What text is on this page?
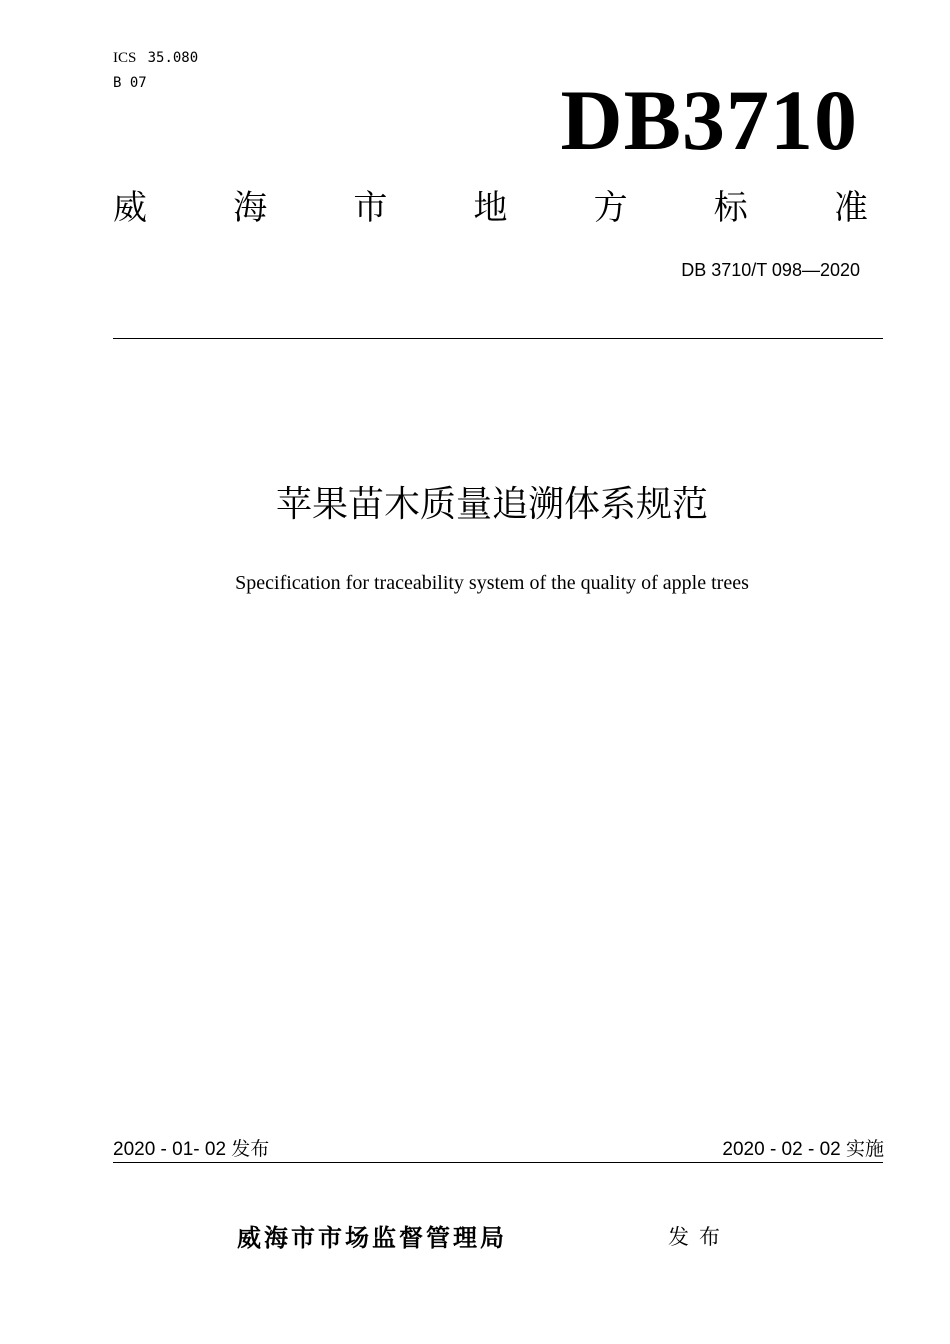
ICS 35.080
B 07	DB3710
威	海	市	地	方	标	准
DB 3710/T 098—2020
苹果苗木质量追溯体系规范
Specification for traceability system of the quality of apple trees
2020 - 01- 02 发布	2020 - 02 - 02 实施
威海市市场监督管理局	发布
